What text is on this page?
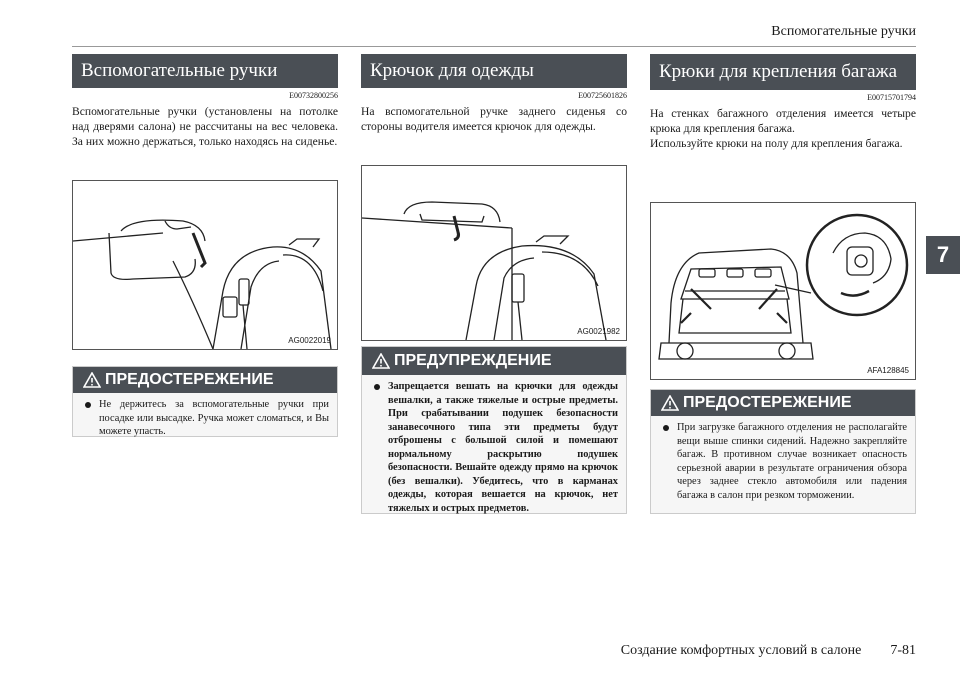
Вспомогательные ручки
7
Вспомогательные ручки
E00732800256
Вспомогательные ручки (установлены на потолке над дверями салона) не рассчитаны на вес человека. За них можно держаться, только находясь на сиденье.
AG0022019
ПРЕДОСТЕРЕЖЕНИЕ
Не держитесь за вспомогательные ручки при посадке или высадке. Ручка может сломаться, и Вы можете упасть.
Крючок для одежды
E00725601826
На вспомогательной ручке заднего сиденья со стороны водителя имеется крючок для одежды.
AG0021982
ПРЕДУПРЕЖДЕНИЕ
Запрещается вешать на крючки для одежды вешалки, а также тяжелые и острые предметы. При срабатывании подушек безопасности занавесочного типа эти предметы будут отброшены с большой силой и помешают нормальному раскрытию подушек безопасности. Вешайте одежду прямо на крючок (без вешалки). Убедитесь, что в карманах одежды, которая вешается на крючок, нет тяжелых и острых предметов.
Крюки для крепления багажа
E00715701794
На стенках багажного отделения имеется четыре крюка для крепления багажа.
Используйте крюки на полу для крепления багажа.
AFA128845
ПРЕДОСТЕРЕЖЕНИЕ
При загрузке багажного отделения не располагайте вещи выше спинки сидений. Надежно закрепляйте багаж. В противном случае возникает опасность серьезной аварии в результате ограничения обзора через заднее стекло автомобиля или падения багажа в салон при резком торможении.
Создание комфортных условий в салоне 7-81
